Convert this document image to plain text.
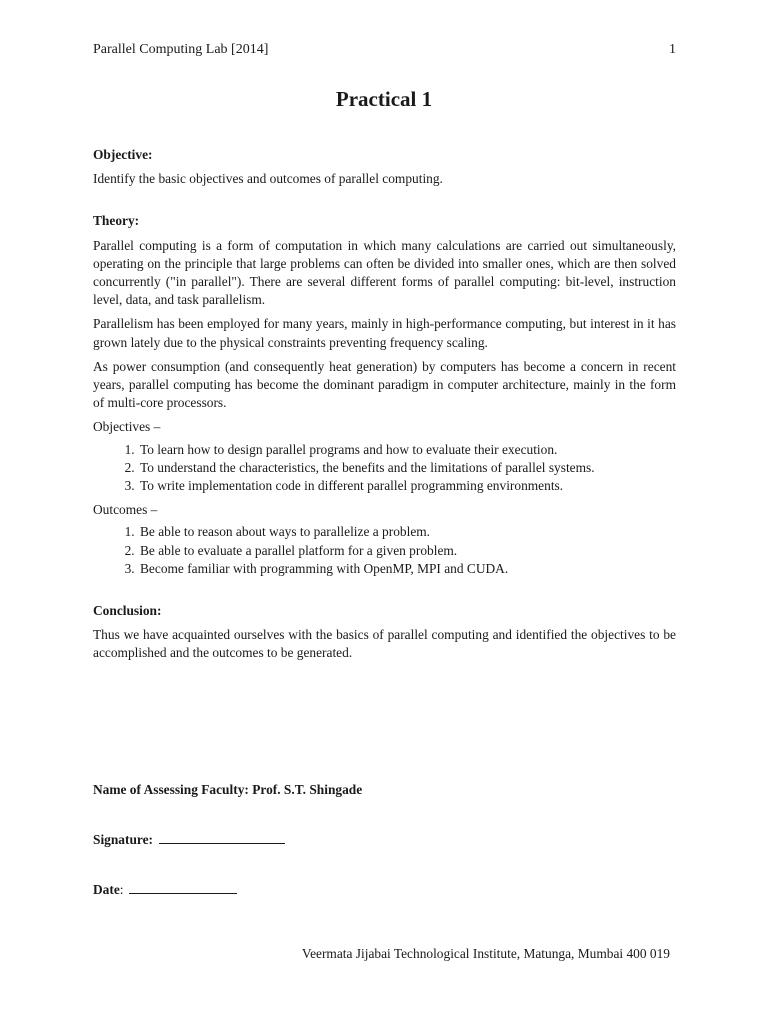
Parallel Computing Lab [2014]	1
Practical 1

Objective:

Identify the basic objectives and outcomes of parallel computing.

Theory:

Parallel computing is a form of computation in which many calculations are carried out simultaneously, operating on the principle that large problems can often be divided into smaller ones, which are then solved concurrently ("in parallel"). There are several different forms of parallel computing: bit-level, instruction level, data, and task parallelism.

Parallelism has been employed for many years, mainly in high-performance computing, but interest in it has grown lately due to the physical constraints preventing frequency scaling.

As power consumption (and consequently heat generation) by computers has become a concern in recent years, parallel computing has become the dominant paradigm in computer architecture, mainly in the form of multi-core processors.

Objectives –

1. To learn how to design parallel programs and how to evaluate their execution.
2. To understand the characteristics, the benefits and the limitations of parallel systems.
3. To write implementation code in different parallel programming environments.

Outcomes –

1. Be able to reason about ways to parallelize a problem.
2. Be able to evaluate a parallel platform for a given problem.
3. Become familiar with programming with OpenMP, MPI and CUDA.

Conclusion:

Thus we have acquainted ourselves with the basics of parallel computing and identified the objectives to be accomplished and the outcomes to be generated.

Name of Assessing Faculty: Prof. S.T. Shingade

Signature:

Date:

Veermata Jijabai Technological Institute, Matunga, Mumbai 400 019
